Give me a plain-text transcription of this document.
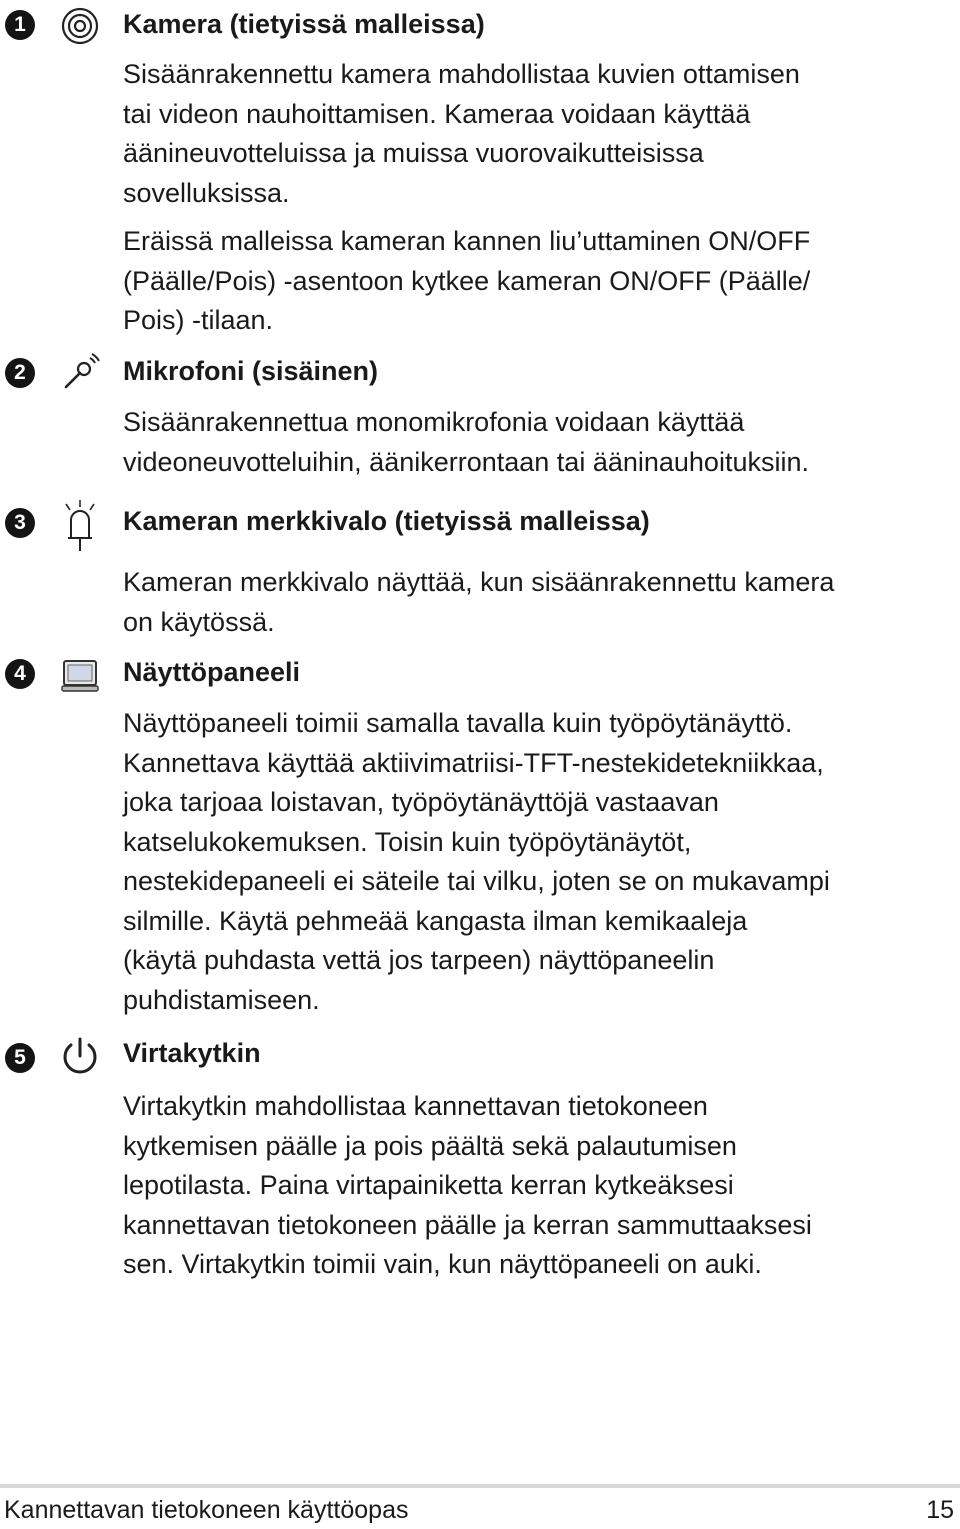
1	Kamera (tietyissä malleissa)

Sisäänrakennettu kamera mahdollistaa kuvien ottamisen
tai videon nauhoittamisen. Kameraa voidaan käyttää
äänineuvotteluissa ja muissa vuorovaikutteisissa
sovelluksissa.

Eräissä malleissa kameran kannen liu’uttaminen ON/OFF
(Päälle/Pois) -asentoon kytkee kameran ON/OFF (Päälle/
Pois) -tilaan.

2	Mikrofoni (sisäinen)

Sisäänrakennettua monomikrofonia voidaan käyttää
videoneuvotteluihin, äänikerrontaan tai ääninauhoituksiin.

3	Kameran merkkivalo (tietyissä malleissa)

Kameran merkkivalo näyttää, kun sisäänrakennettu kamera
on käytössä.

4	Näyttöpaneeli

Näyttöpaneeli toimii samalla tavalla kuin työpöytänäyttö.
Kannettava käyttää aktiivimatriisi-TFT-nestekidetekniikkaa,
joka tarjoaa loistavan, työpöytänäyttöjä vastaavan
katselukokemuksen. Toisin kuin työpöytänäytöt,
nestekidepaneeli ei säteile tai vilku, joten se on mukavampi
silmille. Käytä pehmeää kangasta ilman kemikaaleja
(käytä puhdasta vettä jos tarpeen) näyttöpaneelin
puhdistamiseen.

5	Virtakytkin

Virtakytkin mahdollistaa kannettavan tietokoneen
kytkemisen päälle ja pois päältä sekä palautumisen
lepotilasta. Paina virtapainiketta kerran kytkeäksesi
kannettavan tietokoneen päälle ja kerran sammuttaaksesi
sen. Virtakytkin toimii vain, kun näyttöpaneeli on auki.

Kannettavan tietokoneen käyttöopas	15
